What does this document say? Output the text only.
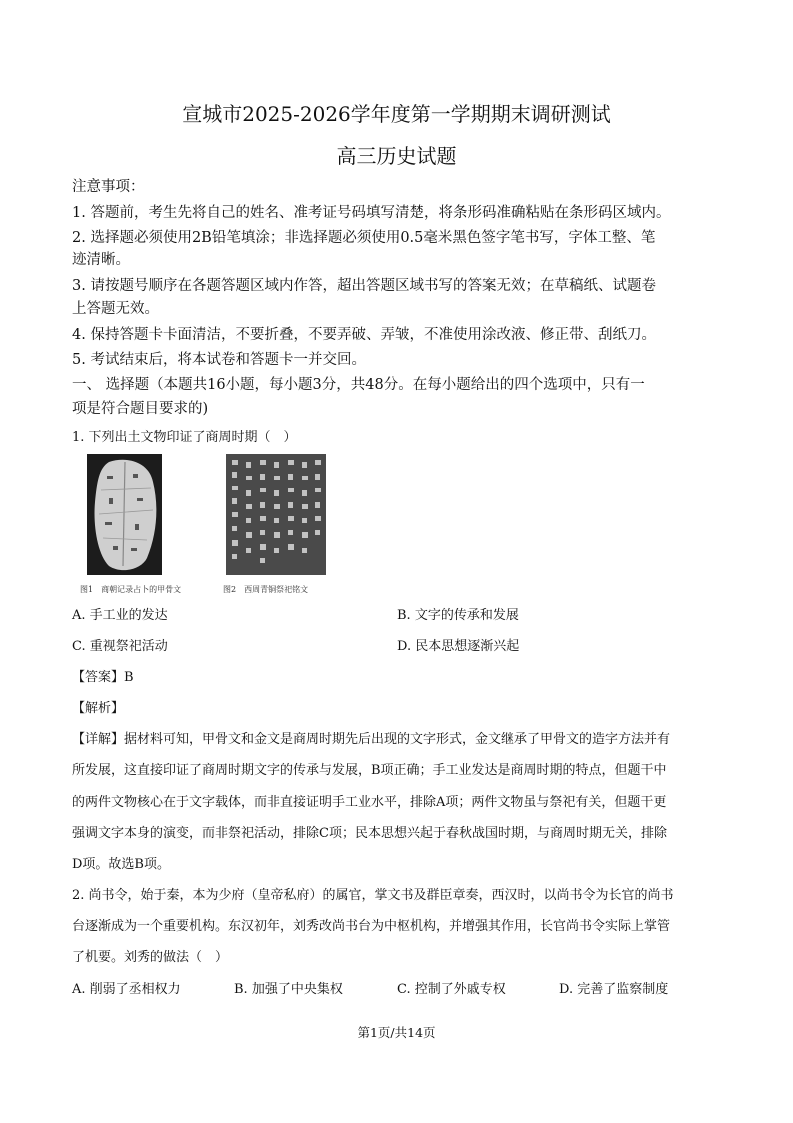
宣城市2025-2026学年度第一学期期末调研测试
高三历史试题
注意事项：
1. 答题前，考生先将自己的姓名、准考证号码填写清楚，将条形码准确粘贴在条形码区域内。
2. 选择题必须使用2B铅笔填涂；非选择题必须使用0.5毫米黑色签字笔书写，字体工整、笔
迹清晰。
3. 请按题号顺序在各题答题区域内作答，超出答题区域书写的答案无效；在草稿纸、试题卷
上答题无效。
4. 保持答题卡卡面清洁，不要折叠，不要弄破、弄皱，不准使用涂改液、修正带、刮纸刀。
5. 考试结束后，将本试卷和答题卡一并交回。
一、 选择题（本题共16小题，每小题3分，共48分。在每小题给出的四个选项中，只有一
项是符合题目要求的)
1. 下列出土文物印证了商周时期（　）
图1　商朝记录占卜的甲骨文	图2　西周青铜祭祀铭文
A. 手工业的发达	B. 文字的传承和发展
C. 重视祭祀活动	D. 民本思想逐渐兴起
【答案】B
【解析】
【详解】据材料可知，甲骨文和金文是商周时期先后出现的文字形式，金文继承了甲骨文的造字方法并有
所发展，这直接印证了商周时期文字的传承与发展，B项正确；手工业发达是商周时期的特点，但题干中
的两件文物核心在于文字载体，而非直接证明手工业水平，排除A项；两件文物虽与祭祀有关，但题干更
强调文字本身的演变，而非祭祀活动，排除C项；民本思想兴起于春秋战国时期，与商周时期无关，排除
D项。故选B项。
2. 尚书令，始于秦，本为少府（皇帝私府）的属官，掌文书及群臣章奏，西汉时，以尚书令为长官的尚书
台逐渐成为一个重要机构。东汉初年，刘秀改尚书台为中枢机构，并增强其作用，长官尚书令实际上掌管
了机要。刘秀的做法（　）
A. 削弱了丞相权力	B. 加强了中央集权	C. 控制了外戚专权	D. 完善了监察制度
第1页/共14页
